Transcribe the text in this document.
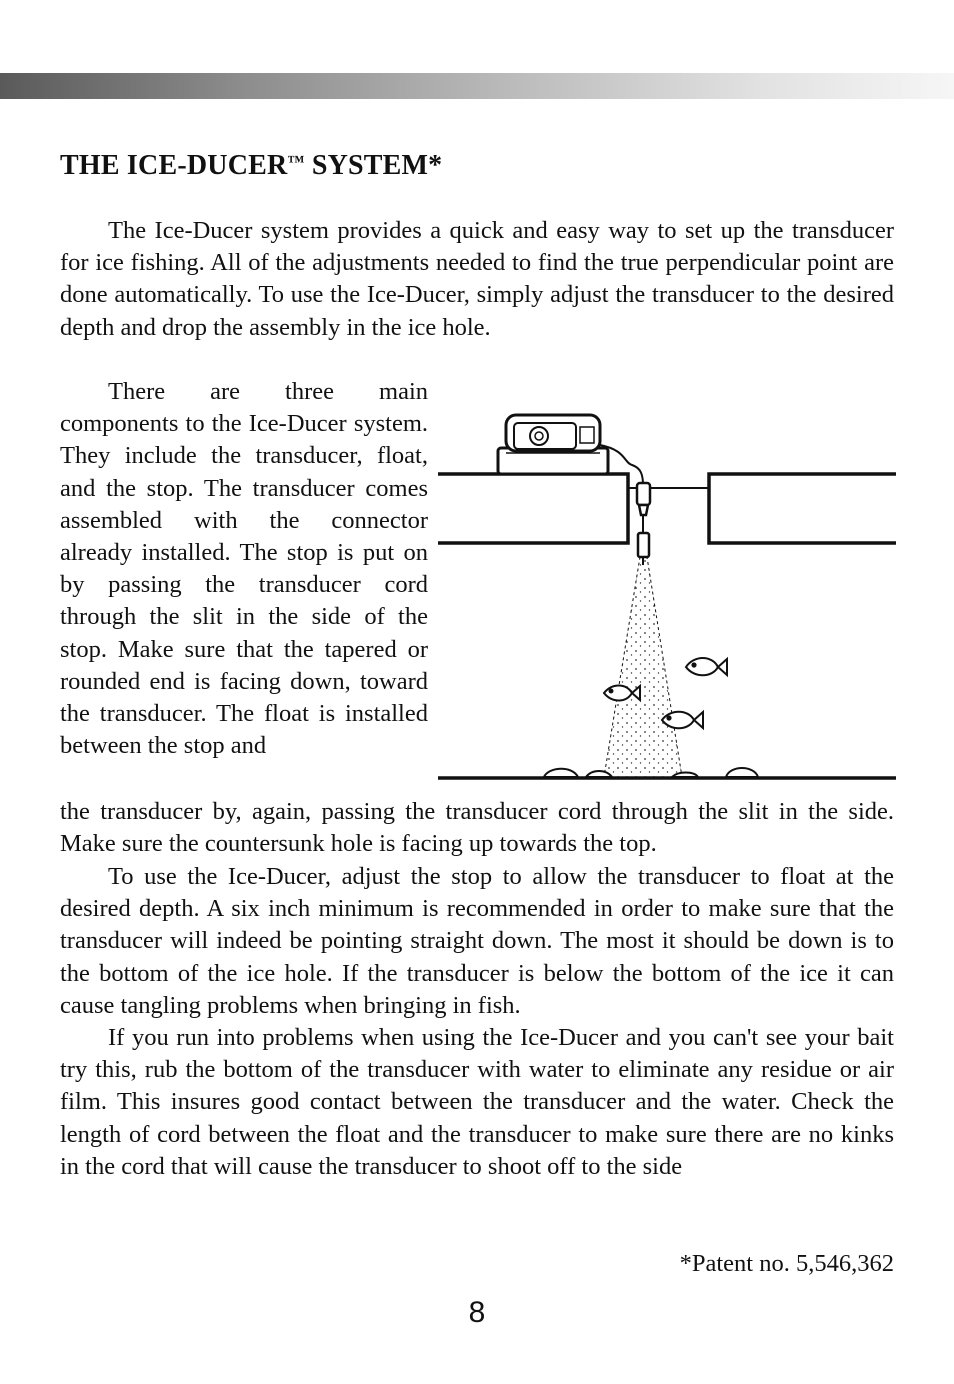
THE ICE-DUCER™ SYSTEM*

The Ice-Ducer system provides a quick and easy way to set up the transducer for ice fishing. All of the adjustments needed to find the true perpendicular point are done automatically. To use the Ice-Ducer, simply adjust the transducer to the desired depth and drop the assembly in the ice hole.

There are three main components to the Ice-Ducer system. They include the transducer, float, and the stop. The transducer comes assembled with the connector already installed. The stop is put on by passing the transducer cord through the slit in the side of the stop. Make sure that the tapered or rounded end is facing down, toward the transducer. The float is installed between the stop and

the transducer by, again, passing the transducer cord through the slit in the side. Make sure the countersunk hole is facing up towards the top.

To use the Ice-Ducer, adjust the stop to allow the transducer to float at the desired depth. A six inch minimum is recommended in order to make sure that the transducer will indeed be pointing straight down. The most it should be down is to the bottom of the ice hole. If the transducer is below the bottom of the ice it can cause tangling problems when bringing in fish.

If you run into problems when using the Ice-Ducer and you can't see your bait try this, rub the bottom of the transducer with water to eliminate any residue or air film. This insures good contact between the transducer and the water. Check the length of cord between the float and the transducer to make sure there are no kinks in the cord that will cause the transducer to shoot off to the side

*Patent no. 5,546,362
8
